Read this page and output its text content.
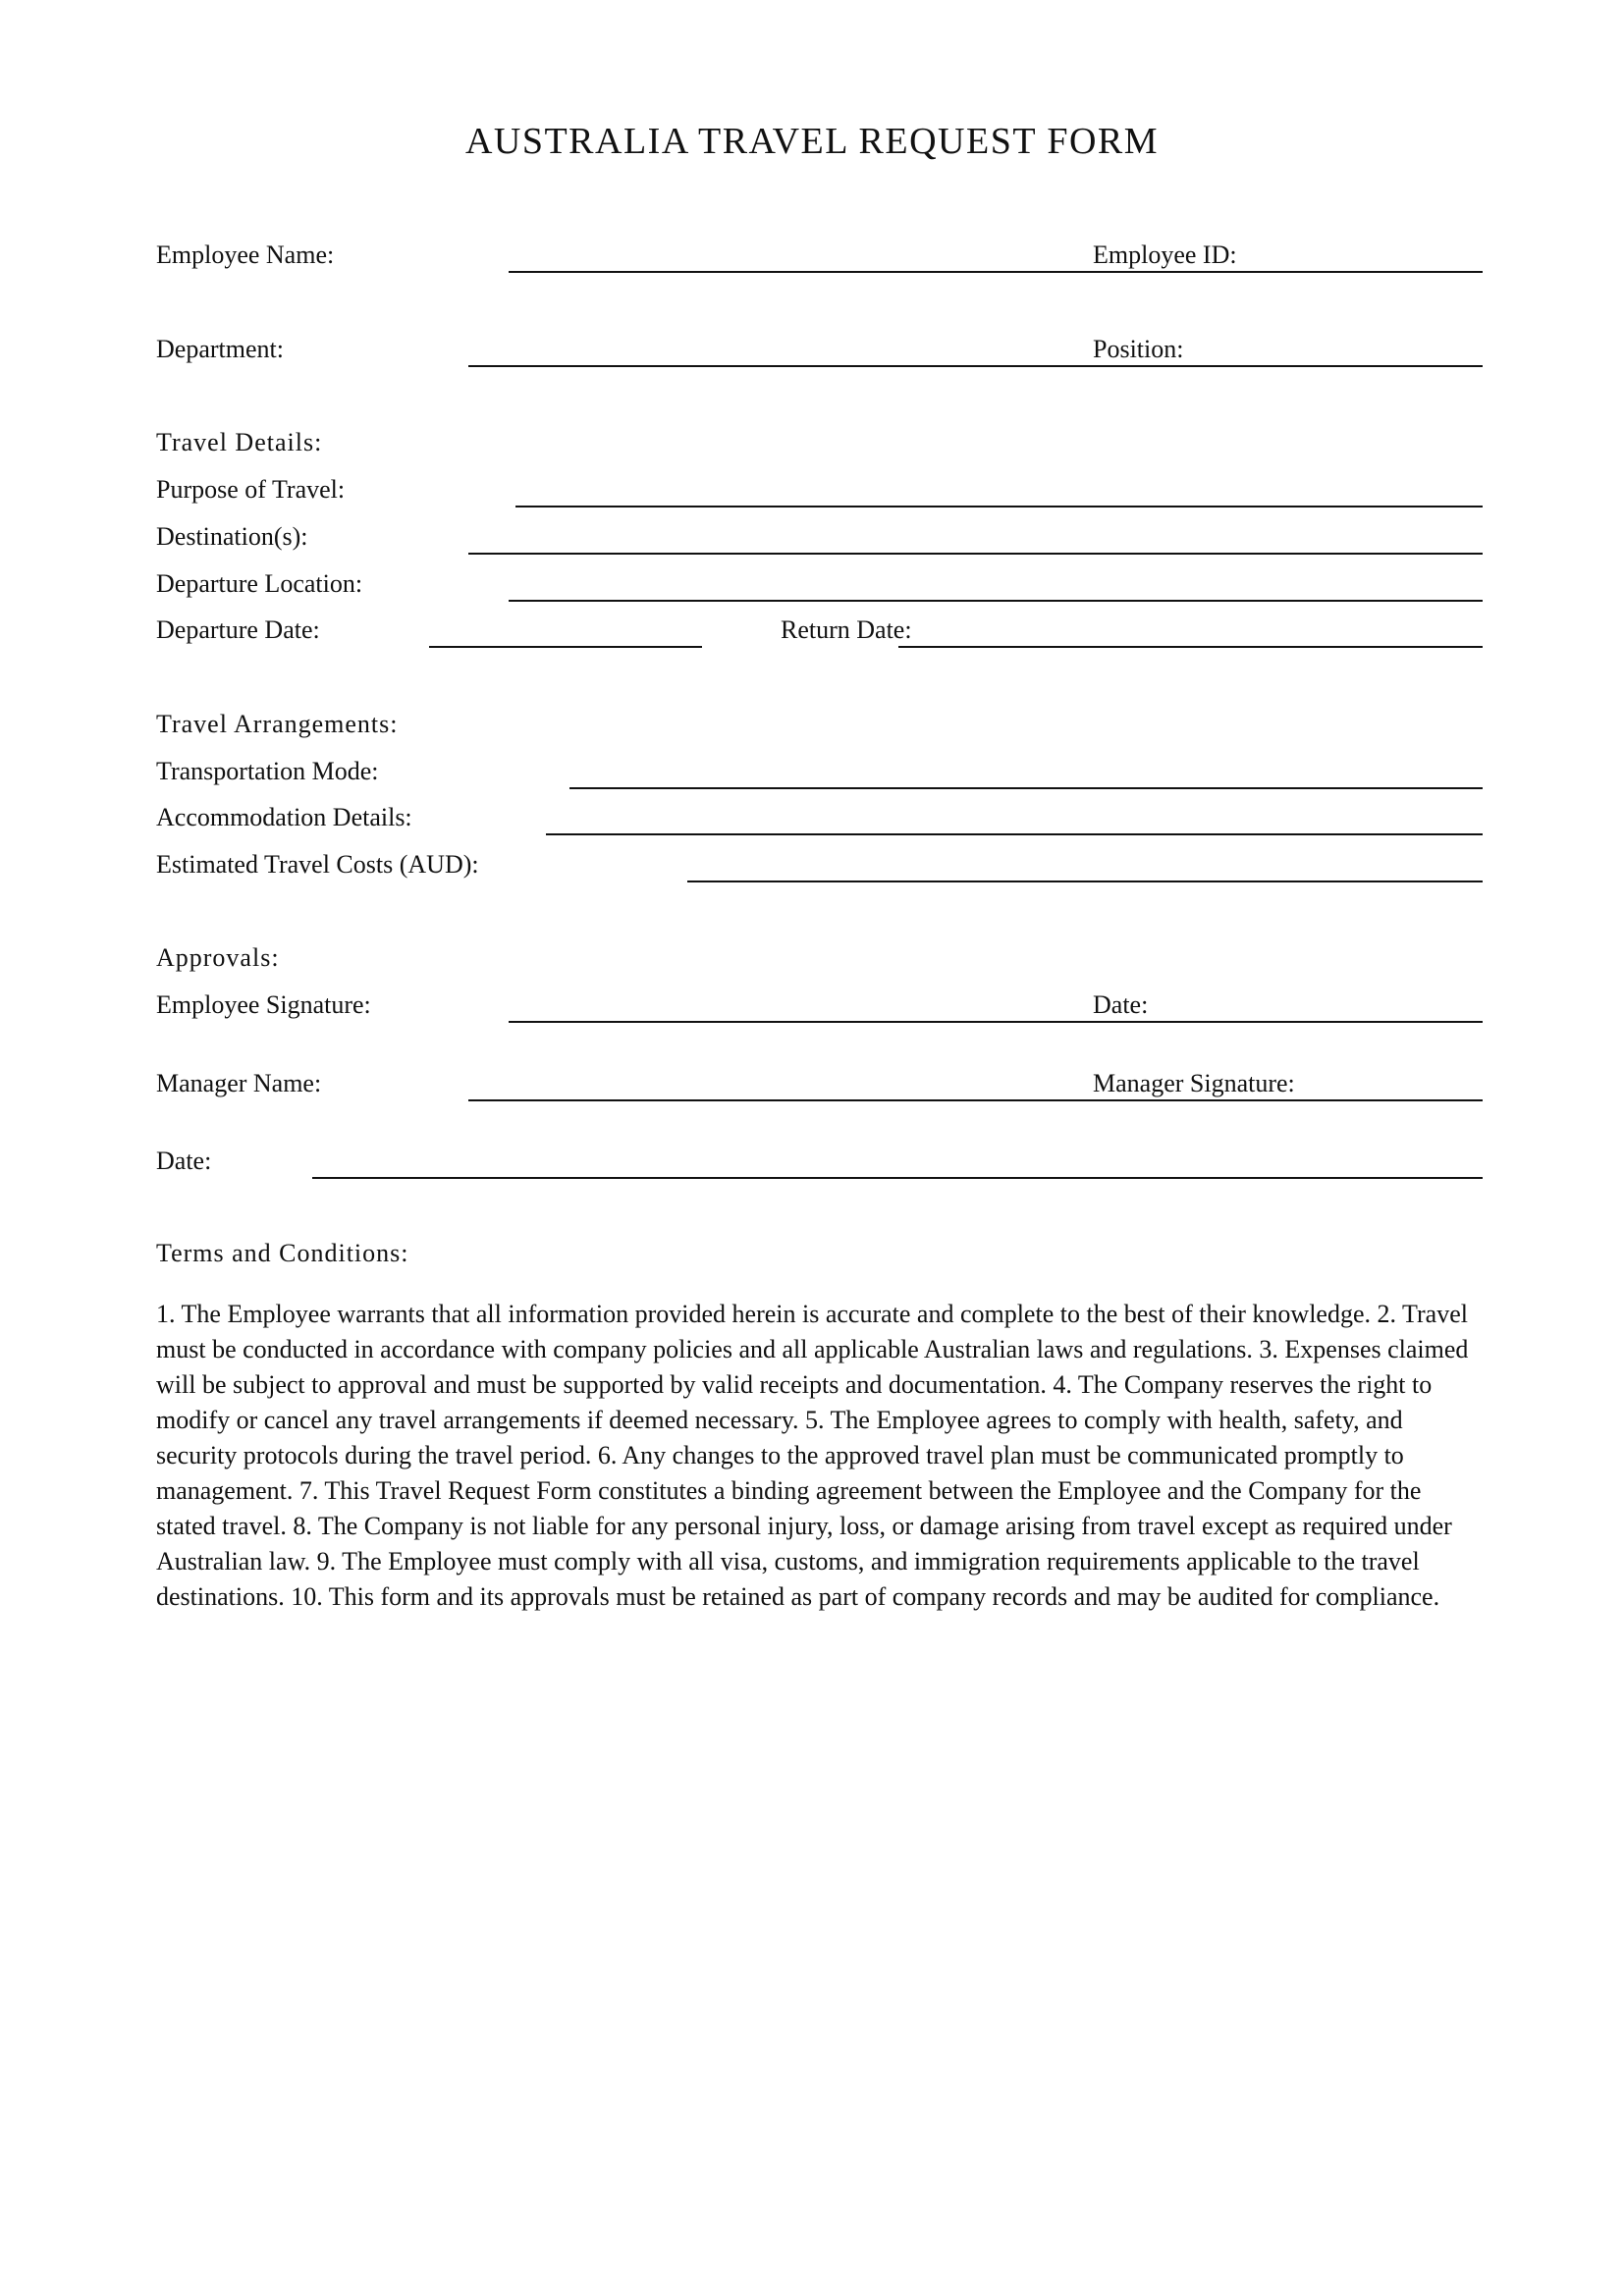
AUSTRALIA TRAVEL REQUEST FORM
Employee Name:	Employee ID:
Department:	Position:
Travel Details:
Purpose of Travel:
Destination(s):
Departure Location:
Departure Date:	Return Date:
Travel Arrangements:
Transportation Mode:
Accommodation Details:
Estimated Travel Costs (AUD):
Approvals:
Employee Signature:	Date:
Manager Name:	Manager Signature:
Date:
Terms and Conditions:
1. The Employee warrants that all information provided herein is accurate and complete to the best of their knowledge. 2. Travel must be conducted in accordance with company policies and all applicable Australian laws and regulations. 3. Expenses claimed will be subject to approval and must be supported by valid receipts and documentation. 4. The Company reserves the right to modify or cancel any travel arrangements if deemed necessary. 5. The Employee agrees to comply with health, safety, and security protocols during the travel period. 6. Any changes to the approved travel plan must be communicated promptly to management. 7. This Travel Request Form constitutes a binding agreement between the Employee and the Company for the stated travel. 8. The Company is not liable for any personal injury, loss, or damage arising from travel except as required under Australian law. 9. The Employee must comply with all visa, customs, and immigration requirements applicable to the travel destinations. 10. This form and its approvals must be retained as part of company records and may be audited for compliance.
